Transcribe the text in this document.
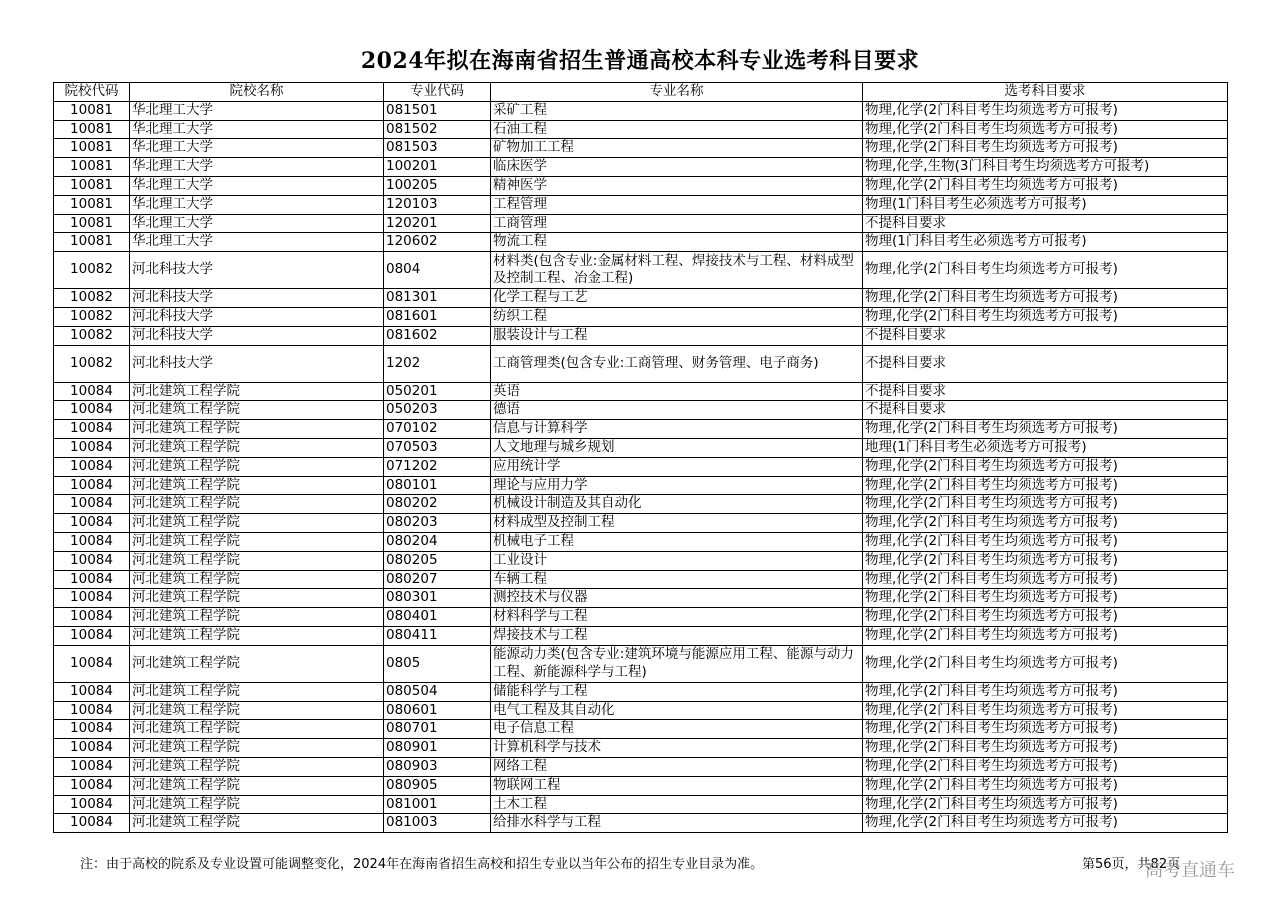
2024年拟在海南省招生普通高校本科专业选考科目要求
院校代码	院校名称	专业代码	专业名称	选考科目要求
10081	华北理工大学	081501	采矿工程	物理,化学(2门科目考生均须选考方可报考)
10081	华北理工大学	081502	石油工程	物理,化学(2门科目考生均须选考方可报考)
10081	华北理工大学	081503	矿物加工工程	物理,化学(2门科目考生均须选考方可报考)
10081	华北理工大学	100201	临床医学	物理,化学,生物(3门科目考生均须选考方可报考)
10081	华北理工大学	100205	精神医学	物理,化学(2门科目考生均须选考方可报考)
10081	华北理工大学	120103	工程管理	物理(1门科目考生必须选考方可报考)
10081	华北理工大学	120201	工商管理	不提科目要求
10081	华北理工大学	120602	物流工程	物理(1门科目考生必须选考方可报考)
10082	河北科技大学	0804	材料类(包含专业:金属材料工程、焊接技术与工程、材料成型及控制工程、冶金工程)	物理,化学(2门科目考生均须选考方可报考)
10082	河北科技大学	081301	化学工程与工艺	物理,化学(2门科目考生均须选考方可报考)
10082	河北科技大学	081601	纺织工程	物理,化学(2门科目考生均须选考方可报考)
10082	河北科技大学	081602	服装设计与工程	不提科目要求
10082	河北科技大学	1202	工商管理类(包含专业:工商管理、财务管理、电子商务)	不提科目要求
10084	河北建筑工程学院	050201	英语	不提科目要求
10084	河北建筑工程学院	050203	德语	不提科目要求
10084	河北建筑工程学院	070102	信息与计算科学	物理,化学(2门科目考生均须选考方可报考)
10084	河北建筑工程学院	070503	人文地理与城乡规划	地理(1门科目考生必须选考方可报考)
10084	河北建筑工程学院	071202	应用统计学	物理,化学(2门科目考生均须选考方可报考)
10084	河北建筑工程学院	080101	理论与应用力学	物理,化学(2门科目考生均须选考方可报考)
10084	河北建筑工程学院	080202	机械设计制造及其自动化	物理,化学(2门科目考生均须选考方可报考)
10084	河北建筑工程学院	080203	材料成型及控制工程	物理,化学(2门科目考生均须选考方可报考)
10084	河北建筑工程学院	080204	机械电子工程	物理,化学(2门科目考生均须选考方可报考)
10084	河北建筑工程学院	080205	工业设计	物理,化学(2门科目考生均须选考方可报考)
10084	河北建筑工程学院	080207	车辆工程	物理,化学(2门科目考生均须选考方可报考)
10084	河北建筑工程学院	080301	测控技术与仪器	物理,化学(2门科目考生均须选考方可报考)
10084	河北建筑工程学院	080401	材料科学与工程	物理,化学(2门科目考生均须选考方可报考)
10084	河北建筑工程学院	080411	焊接技术与工程	物理,化学(2门科目考生均须选考方可报考)
10084	河北建筑工程学院	0805	能源动力类(包含专业:建筑环境与能源应用工程、能源与动力工程、新能源科学与工程)	物理,化学(2门科目考生均须选考方可报考)
10084	河北建筑工程学院	080504	储能科学与工程	物理,化学(2门科目考生均须选考方可报考)
10084	河北建筑工程学院	080601	电气工程及其自动化	物理,化学(2门科目考生均须选考方可报考)
10084	河北建筑工程学院	080701	电子信息工程	物理,化学(2门科目考生均须选考方可报考)
10084	河北建筑工程学院	080901	计算机科学与技术	物理,化学(2门科目考生均须选考方可报考)
10084	河北建筑工程学院	080903	网络工程	物理,化学(2门科目考生均须选考方可报考)
10084	河北建筑工程学院	080905	物联网工程	物理,化学(2门科目考生均须选考方可报考)
10084	河北建筑工程学院	081001	土木工程	物理,化学(2门科目考生均须选考方可报考)
10084	河北建筑工程学院	081003	给排水科学与工程	物理,化学(2门科目考生均须选考方可报考)
注：由于高校的院系及专业设置可能调整变化，2024年在海南省招生高校和招生专业以当年公布的招生专业目录为准。	第56页，共82页
高考直通车
